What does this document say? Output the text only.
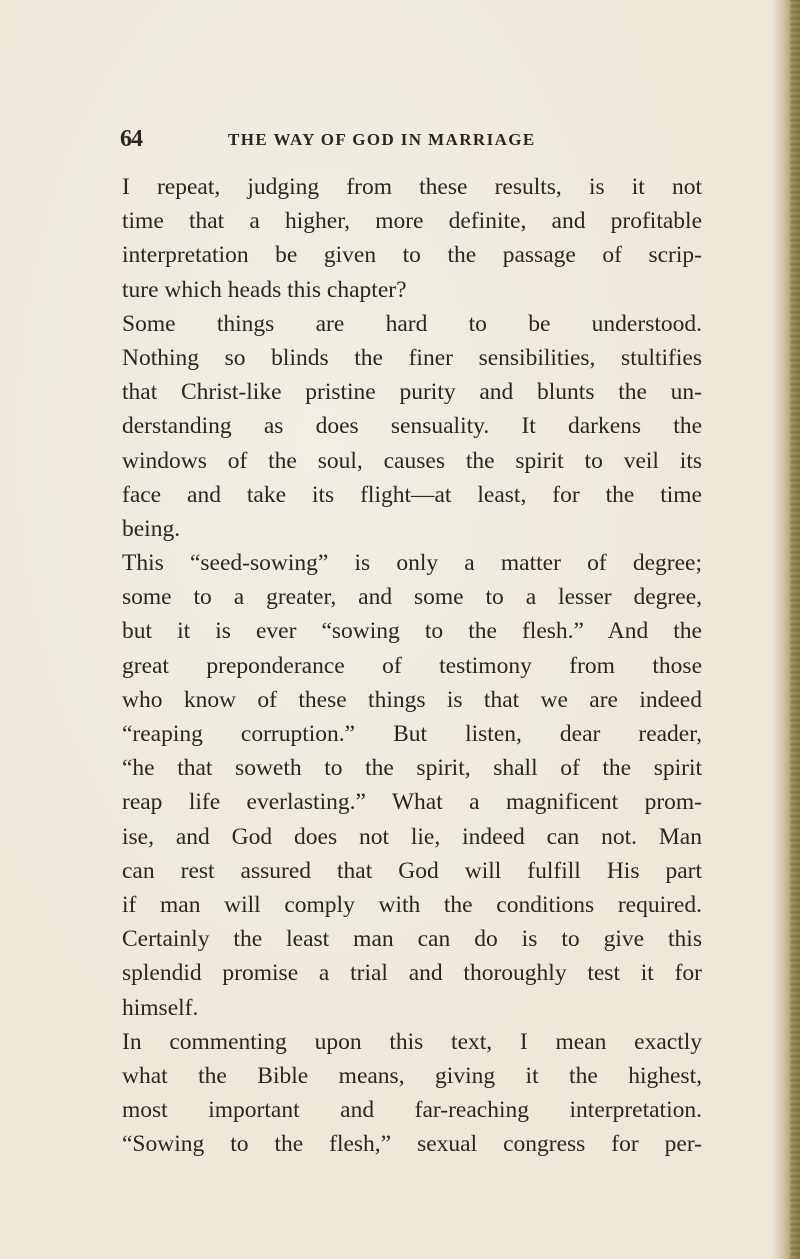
64	THE WAY OF GOD IN MARRIAGE
I repeat, judging from these results, is it not
time that a higher, more definite, and profitable
interpretation be given to the passage of scrip-
ture which heads this chapter?
Some things are hard to be understood.
Nothing so blinds the finer sensibilities, stultifies
that Christ-like pristine purity and blunts the un-
derstanding as does sensuality. It darkens the
windows of the soul, causes the spirit to veil its
face and take its flight—at least, for the time
being.
This “seed-sowing” is only a matter of degree;
some to a greater, and some to a lesser degree,
but it is ever “sowing to the flesh.” And the
great preponderance of testimony from those
who know of these things is that we are indeed
“reaping corruption.” But listen, dear reader,
“he that soweth to the spirit, shall of the spirit
reap life everlasting.” What a magnificent prom-
ise, and God does not lie, indeed can not. Man
can rest assured that God will fulfill His part
if man will comply with the conditions required.
Certainly the least man can do is to give this
splendid promise a trial and thoroughly test it for
himself.
In commenting upon this text, I mean exactly
what the Bible means, giving it the highest,
most important and far-reaching interpretation.
“Sowing to the flesh,” sexual congress for per-
